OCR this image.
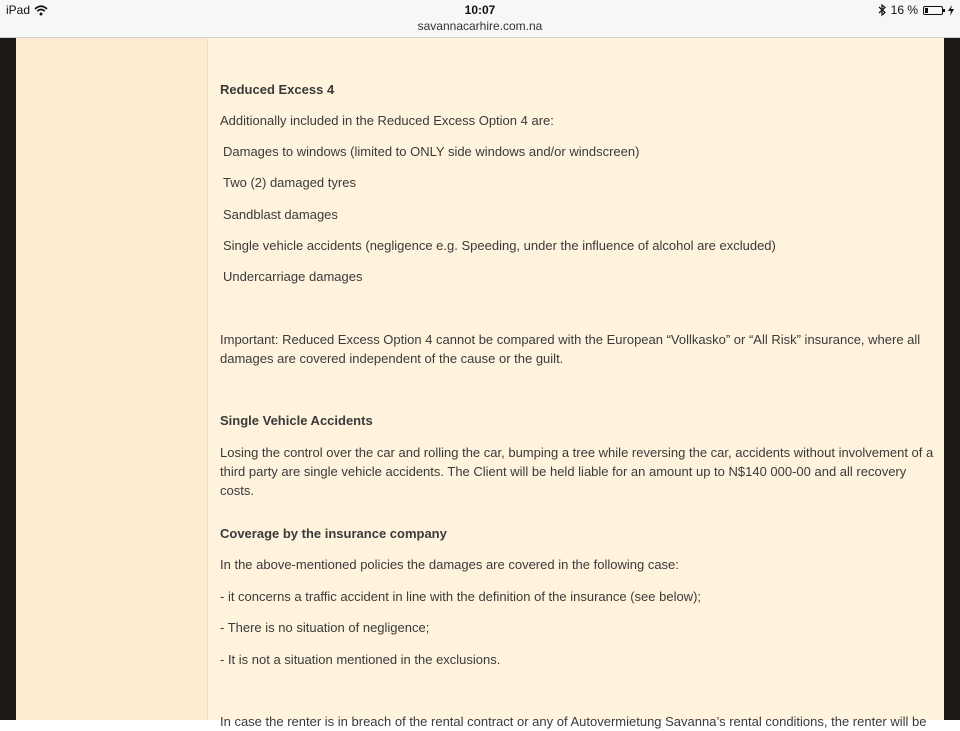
iPad	10:07	16 %
savannacarhire.com.na

Reduced Excess 4

Additionally included in the Reduced Excess Option 4 are:

Damages to windows (limited to ONLY side windows and/or windscreen)

Two (2) damaged tyres

Sandblast damages

Single vehicle accidents (negligence e.g. Speeding, under the influence of alcohol are excluded)

Undercarriage damages

Important: Reduced Excess Option 4 cannot be compared with the European “Vollkasko” or “All Risk” insurance, where all damages are covered independent of the cause or the guilt.

Single Vehicle Accidents

Losing the control over the car and rolling the car, bumping a tree while reversing the car, accidents without involvement of a third party are single vehicle accidents. The Client will be held liable for an amount up to N$140 000-00 and all recovery costs.

Coverage by the insurance company

In the above-mentioned policies the damages are covered in the following case:

- it concerns a traffic accident in line with the definition of the insurance (see below);

- There is no situation of negligence;

- It is not a situation mentioned in the exclusions.

In case the renter is in breach of the rental contract or any of Autovermietung Savanna’s rental conditions, the renter will be
